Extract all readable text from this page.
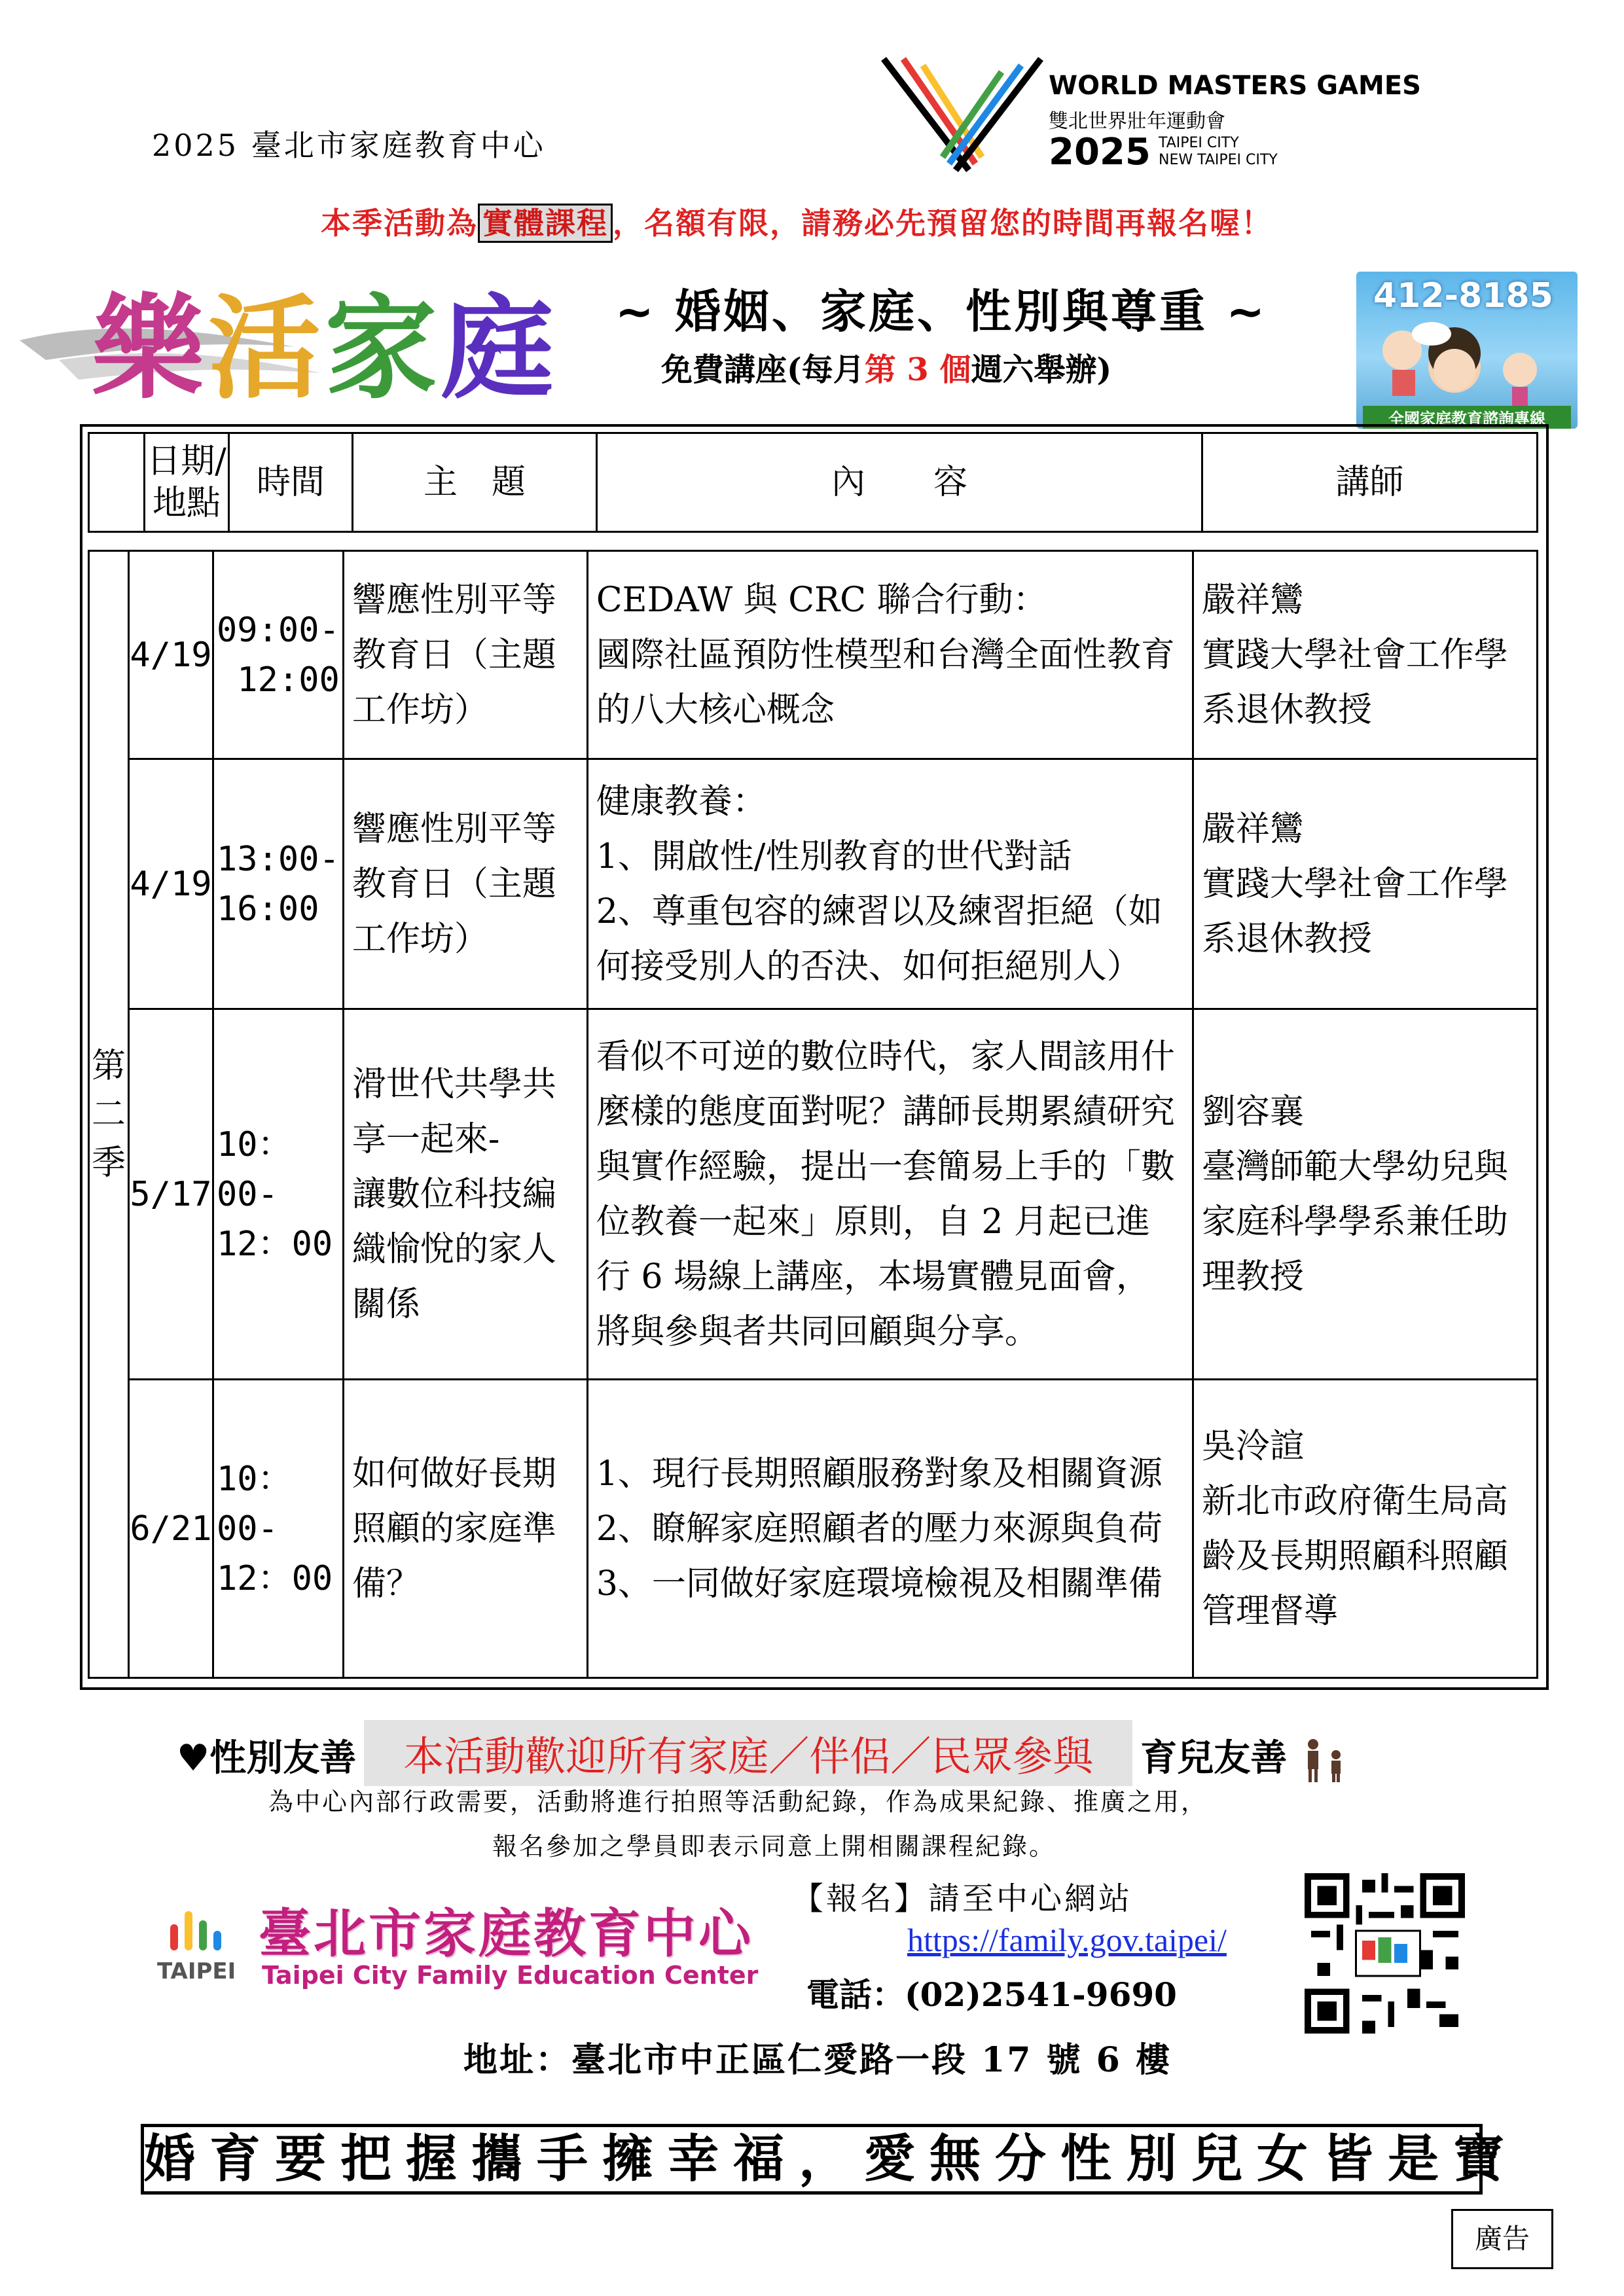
2025 臺北市家庭教育中心
WORLD MASTERS GAMES
雙北世界壯年運動會
2025 TAIPEI CITY
NEW TAIPEI CITY
本季活動為 實體課程 ，名額有限，請務必先預留您的時間再報名喔！
樂活家庭 ~ 婚姻、家庭、性別與尊重 ~
免費講座(每月第 3 個週六舉辦)
412-8185
全國家庭教育諮詢專線
	日期/地點	時間	主　題	內　　容	講師
第二季	4/19	09:00-
12:00	響應性別平等教育日（主題工作坊）	CEDAW 與 CRC 聯合行動：
國際社區預防性模型和台灣全面性教育的八大核心概念	嚴祥鸞
實踐大學社會工作學系退休教授
	4/19	13:00-
16:00	響應性別平等教育日（主題工作坊）	健康教養：
1、開啟性/性別教育的世代對話
2、尊重包容的練習以及練習拒絕（如何接受別人的否決、如何拒絕別人）	嚴祥鸞
實踐大學社會工作學系退休教授
	5/17	10：00-
12：00	滑世代共學共享一起來-
讓數位科技編織愉悅的家人關係	看似不可逆的數位時代，家人間該用什麼樣的態度面對呢？講師長期累績研究與實作經驗，提出一套簡易上手的「數位教養一起來」原則，自 2 月起已進行 6 場線上講座，本場實體見面會，將與參與者共同回顧與分享。	劉容襄
臺灣師範大學幼兒與家庭科學學系兼任助理教授
	6/21	10：00-
12：00	如何做好長期照顧的家庭準備？	1、現行長期照顧服務對象及相關資源
2、瞭解家庭照顧者的壓力來源與負荷
3、一同做好家庭環境檢視及相關準備	吳泠諠
新北市政府衛生局高齡及長期照顧科照顧管理督導
♥性別友善 本活動歡迎所有家庭／伴侶／民眾參與 育兒友善
為中心內部行政需要，活動將進行拍照等活動紀錄，作為成果紀錄、推廣之用，
報名參加之學員即表示同意上開相關課程紀錄。
TAIPEI
臺北市家庭教育中心
Taipei City Family Education Center
【報名】請至中心網站
https://family.gov.taipei/
電話：(02)2541-9690
地址：臺北市中正區仁愛路一段 17 號 6 樓
婚育要把握攜手擁幸福，愛無分性別兒女皆是寶
廣告
